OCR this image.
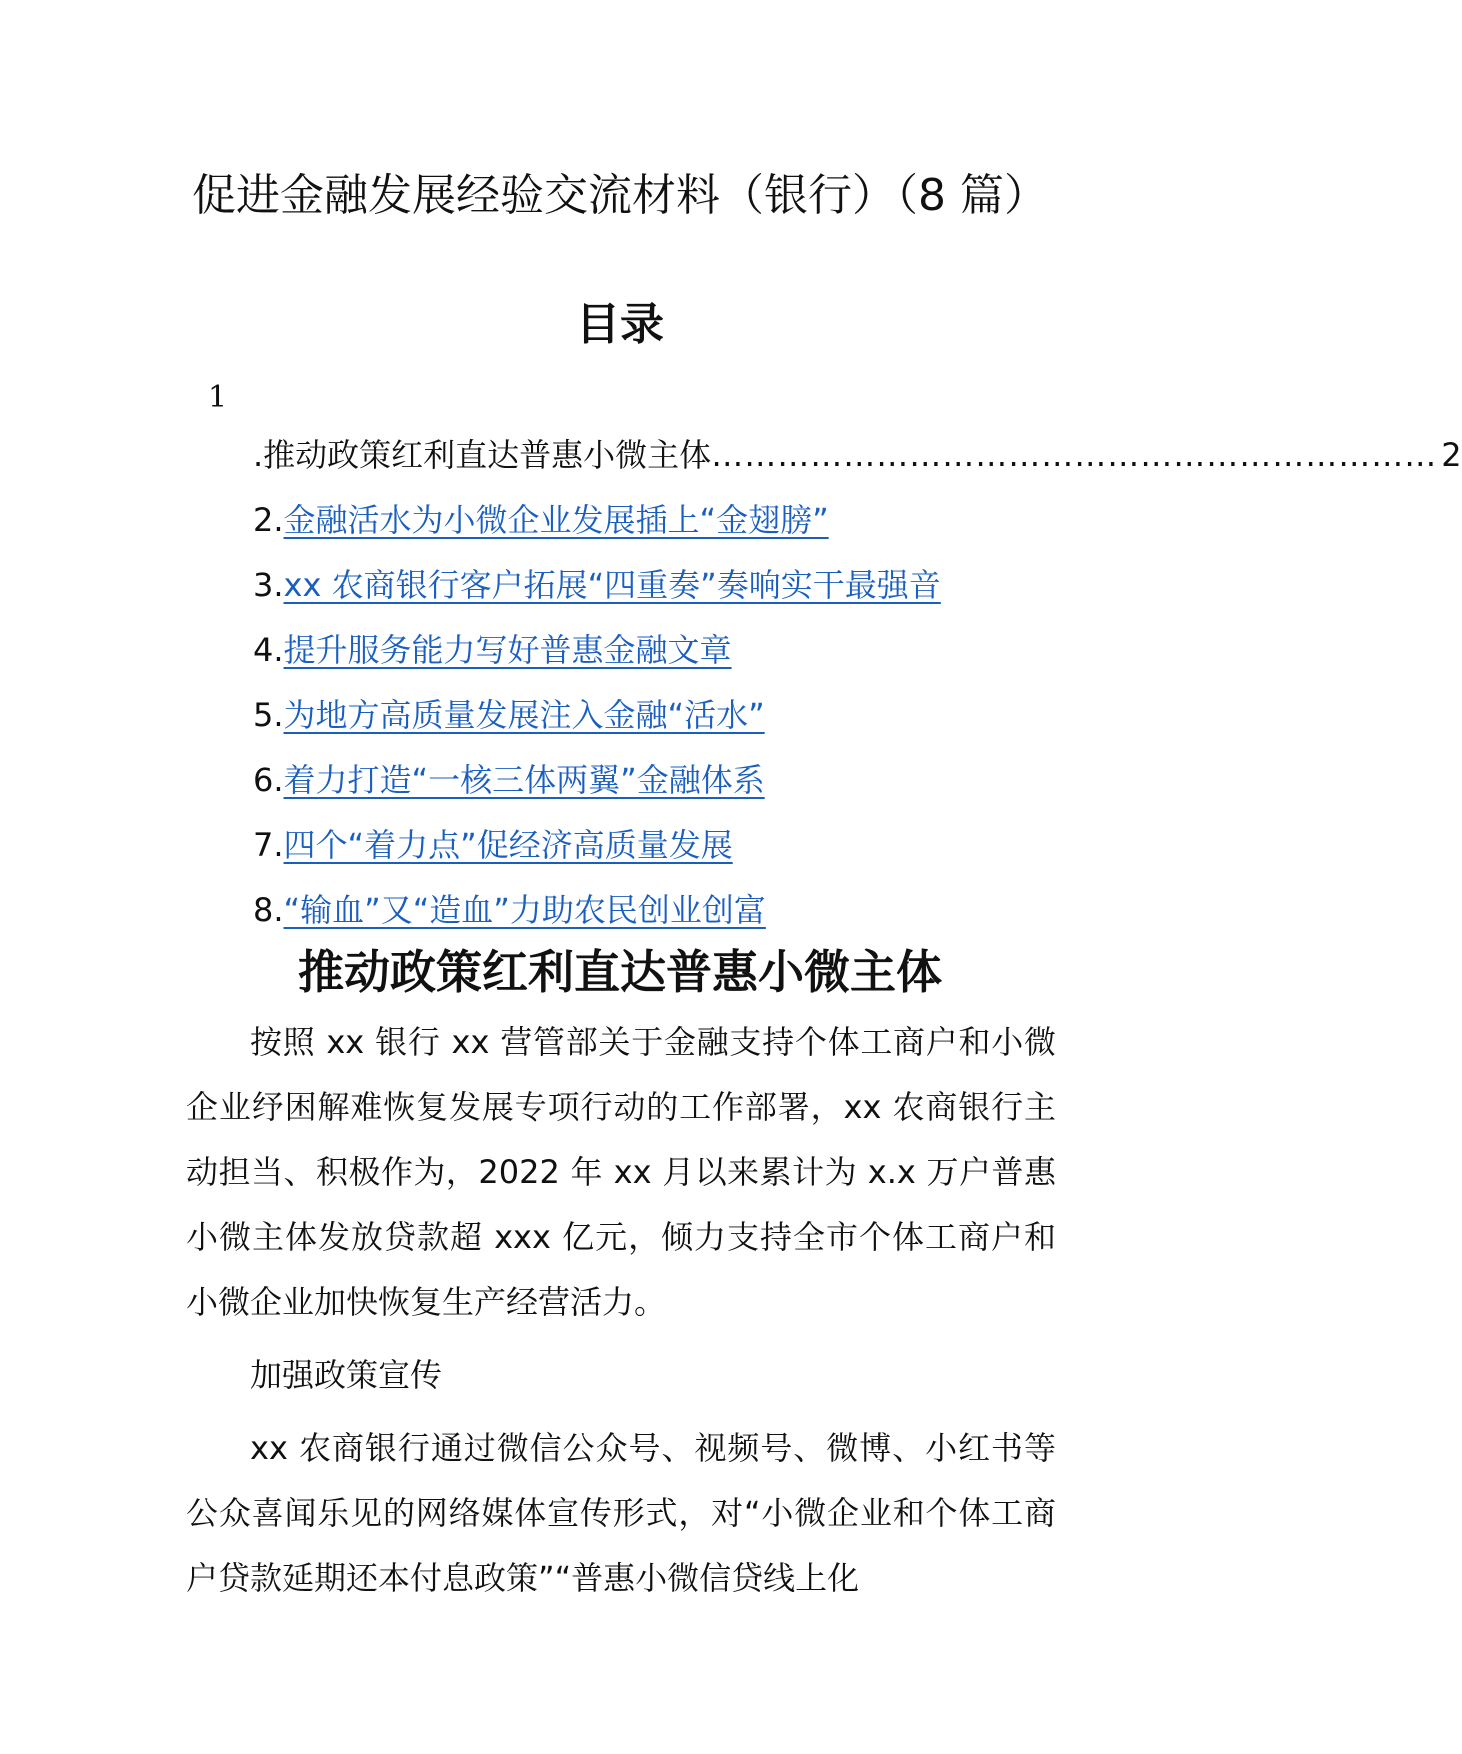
促进金融发展经验交流材料（银行）（8 篇）
目录
1
.推动政策红利直达普惠小微主体 ………………………………………………………… 2
2.金融活水为小微企业发展插上“金翅膀”
3.xx 农商银行客户拓展“四重奏”奏响实干最强音
4.提升服务能力写好普惠金融文章
5.为地方高质量发展注入金融“活水”
6.着力打造“一核三体两翼”金融体系
7.四个“着力点”促经济高质量发展
8.“输血”又“造血”力助农民创业创富
推动政策红利直达普惠小微主体

按照 xx 银行 xx 营管部关于金融支持个体工商户和小微企业纾困解难恢复发展专项行动的工作部署，xx 农商银行主动担当、积极作为，2022 年 xx 月以来累计为 x.x 万户普惠小微主体发放贷款超 xxx 亿元，倾力支持全市个体工商户和小微企业加快恢复生产经营活力。

加强政策宣传

xx 农商银行通过微信公众号、视频号、微博、小红书等公众喜闻乐见的网络媒体宣传形式，对“小微企业和个体工商户贷款延期还本付息政策”“普惠小微信贷线上化
